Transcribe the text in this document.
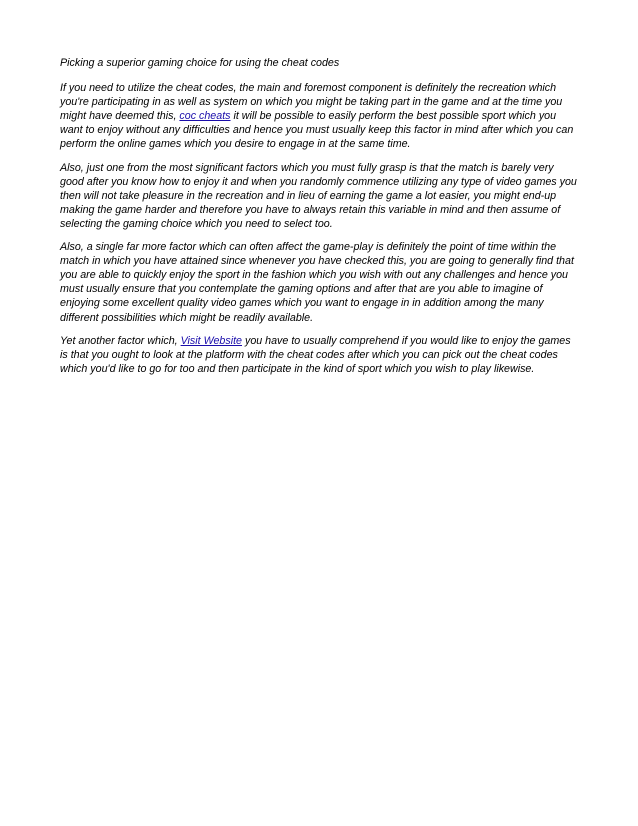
Picking a superior gaming choice for using the cheat codes

If you need to utilize the cheat codes, the main and foremost component is definitely the recreation which you're participating in as well as system on which you might be taking part in the game and at the time you might have deemed this, coc cheats it will be possible to easily perform the best possible sport which you want to enjoy without any difficulties and hence you must usually keep this factor in mind after which you can perform the online games which you desire to engage in at the same time.

Also, just one from the most significant factors which you must fully grasp is that the match is barely very good after you know how to enjoy it and when you randomly commence utilizing any type of video games you then will not take pleasure in the recreation and in lieu of earning the game a lot easier, you might end-up making the game harder and therefore you have to always retain this variable in mind and then assume of selecting the gaming choice which you need to select too.

Also, a single far more factor which can often affect the game-play is definitely the point of time within the match in which you have attained since whenever you have checked this, you are going to generally find that you are able to quickly enjoy the sport in the fashion which you wish with out any challenges and hence you must usually ensure that you contemplate the gaming options and after that are you able to imagine of enjoying some excellent quality video games which you want to engage in in addition among the many different possibilities which might be readily available.

Yet another factor which, Visit Website you have to usually comprehend if you would like to enjoy the games is that you ought to look at the platform with the cheat codes after which you can pick out the cheat codes which you'd like to go for too and then participate in the kind of sport which you wish to play likewise.
